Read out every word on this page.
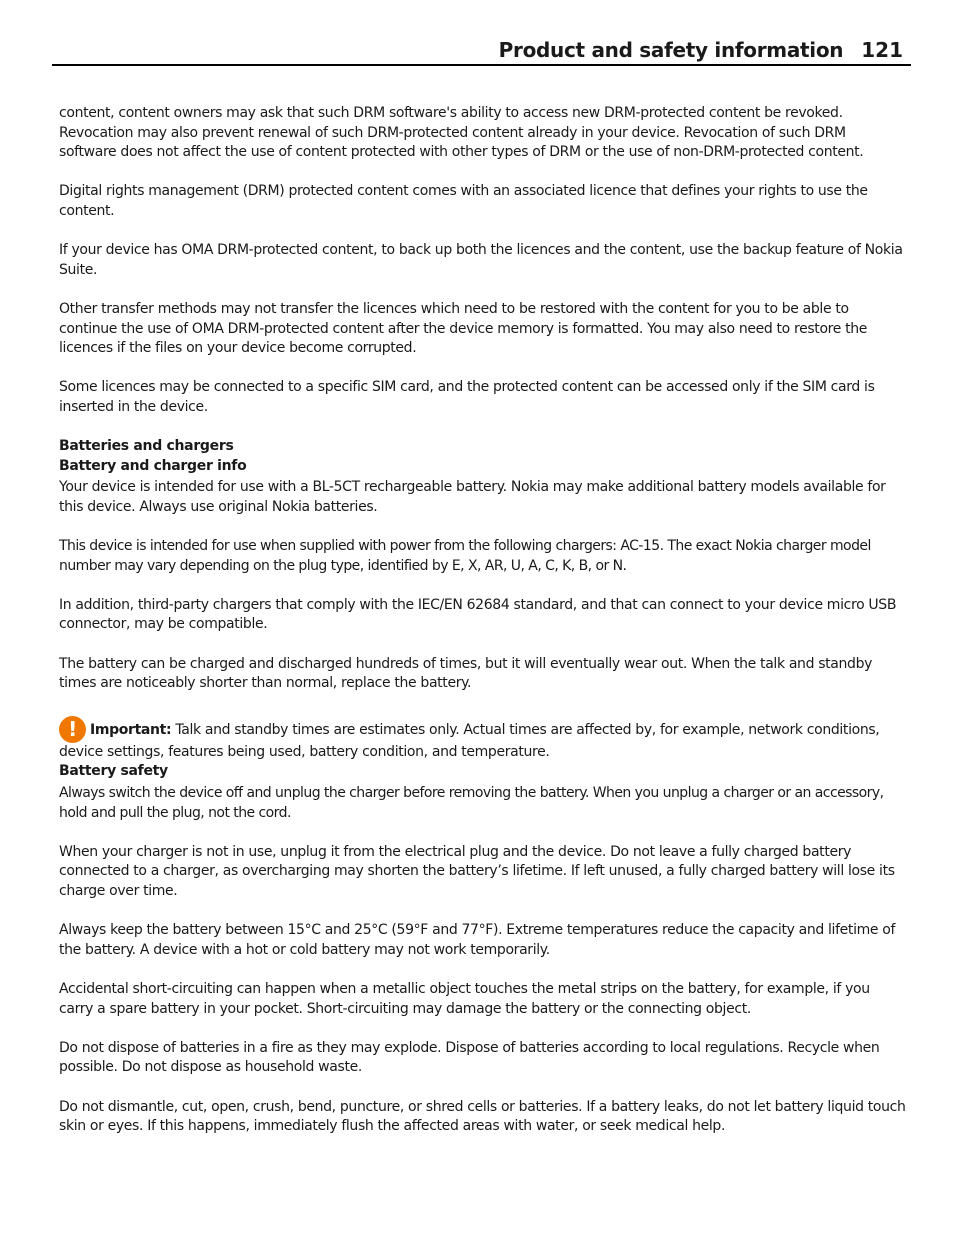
Product and safety information 121

content, content owners may ask that such DRM software's ability to access new DRM-protected content be revoked. Revocation may also prevent renewal of such DRM-protected content already in your device. Revocation of such DRM software does not affect the use of content protected with other types of DRM or the use of non-DRM-protected content.

Digital rights management (DRM) protected content comes with an associated licence that defines your rights to use the content.

If your device has OMA DRM-protected content, to back up both the licences and the content, use the backup feature of Nokia Suite.

Other transfer methods may not transfer the licences which need to be restored with the content for you to be able to continue the use of OMA DRM-protected content after the device memory is formatted. You may also need to restore the licences if the files on your device become corrupted.

Some licences may be connected to a specific SIM card, and the protected content can be accessed only if the SIM card is inserted in the device.

Batteries and chargers
Battery and charger info

Your device is intended for use with a BL-5CT rechargeable battery. Nokia may make additional battery models available for this device. Always use original Nokia batteries.

This device is intended for use when supplied with power from the following chargers: AC-15. The exact Nokia charger model number may vary depending on the plug type, identified by E, X, AR, U, A, C, K, B, or N.

In addition, third-party chargers that comply with the IEC/EN 62684 standard, and that can connect to your device micro USB connector, may be compatible.

The battery can be charged and discharged hundreds of times, but it will eventually wear out. When the talk and standby times are noticeably shorter than normal, replace the battery.

! Important: Talk and standby times are estimates only. Actual times are affected by, for example, network conditions, device settings, features being used, battery condition, and temperature.

Battery safety

Always switch the device off and unplug the charger before removing the battery. When you unplug a charger or an accessory, hold and pull the plug, not the cord.

When your charger is not in use, unplug it from the electrical plug and the device. Do not leave a fully charged battery connected to a charger, as overcharging may shorten the battery’s lifetime. If left unused, a fully charged battery will lose its charge over time.

Always keep the battery between 15°C and 25°C (59°F and 77°F). Extreme temperatures reduce the capacity and lifetime of the battery. A device with a hot or cold battery may not work temporarily.

Accidental short-circuiting can happen when a metallic object touches the metal strips on the battery, for example, if you carry a spare battery in your pocket. Short-circuiting may damage the battery or the connecting object.

Do not dispose of batteries in a fire as they may explode. Dispose of batteries according to local regulations. Recycle when possible. Do not dispose as household waste.

Do not dismantle, cut, open, crush, bend, puncture, or shred cells or batteries. If a battery leaks, do not let battery liquid touch skin or eyes. If this happens, immediately flush the affected areas with water, or seek medical help.
